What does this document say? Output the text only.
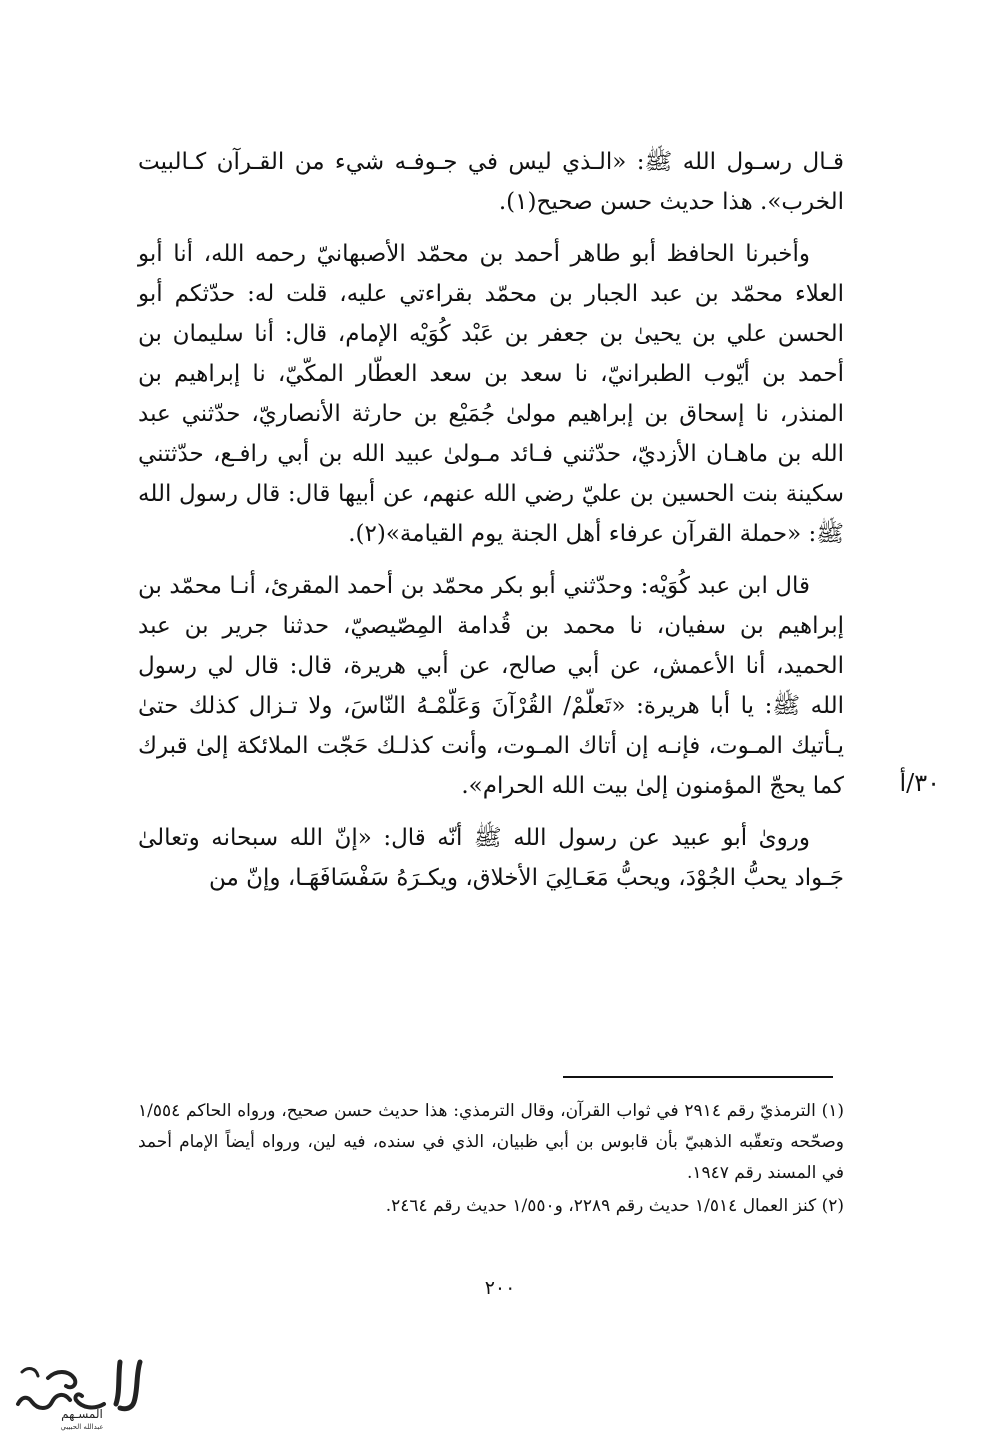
قـال رسـول الله ﷺ: «الـذي ليس في جـوفـه شيء من القـرآن كـالبيت الخرب». هذا حديث حسن صحيح(١).

وأخبرنا الحافظ أبو طاهر أحمد بن محمّد الأصبهانيّ رحمه الله، أنا أبو العلاء محمّد بن عبد الجبار بن محمّد بقراءتي عليه، قلت له: حدّثكم أبو الحسن علي بن يحيىٰ بن جعفر بن عَبْد كُوَيْه الإمام، قال: أنا سليمان بن أحمد بن أيّوب الطبرانيّ، نا سعد بن سعد العطّار المكّيّ، نا إبراهيم بن المنذر، نا إسحاق بن إبراهيم مولىٰ جُمَيْع بن حارثة الأنصاريّ، حدّثني عبد الله بن ماهـان الأزديّ، حدّثني فـائد مـولىٰ عبيد الله بن أبي رافـع، حدّثتني سكينة بنت الحسين بن عليّ رضي الله عنهم، عن أبيها قال: قال رسول الله ﷺ: «حملة القرآن عرفاء أهل الجنة يوم القيامة»(٢).

قال ابن عبد كُوَيْه: وحدّثني أبو بكر محمّد بن أحمد المقرئ، أنـا محمّد بن إبراهيم بن سفيان، نا محمد بن قُدامة المِصّيصيّ، حدثنا جرير بن عبد الحميد، أنا الأعمش، عن أبي صالح، عن أبي هريرة، قال: قال لي رسول الله ﷺ: يا أبا هريرة: «تَعلّمْ/ القُرْآنَ وَعَلّمْـهُ النّاسَ، ولا تـزال كذلك حتىٰ يـأتيك المـوت، فإنـه إن أتاك المـوت، وأنت كذلـك حَجّت الملائكة إلىٰ قبرك كما يحجّ المؤمنون إلىٰ بيت الله الحرام».

وروىٰ أبو عبيد عن رسول الله ﷺ أنّه قال: «إنّ الله سبحانه وتعالىٰ جَـواد يحبُّ الجُوْدَ، ويحبُّ مَعَـالِيَ الأخلاق، ويكـرَهُ سَفْسَافَهَـا، وإنّ من

٣٠/أ

(١) الترمذيّ رقم ٢٩١٤ في ثواب القرآن، وقال الترمذي: هذا حديث حسن صحيح، ورواه الحاكم ١/٥٥٤ وصحّحه وتعقّبه الذهبيّ بأن قابوس بن أبي ظبيان، الذي في سنده، فيه لين، ورواه أيضاً الإمام أحمد في المسند رقم ١٩٤٧.

(٢) كنز العمال ١/٥١٤ حديث رقم ٢٢٨٩، و١/٥٥٠ حديث رقم ٢٤٦٤.

٢٠٠
المسـهم
عبدالله الحبيبي
